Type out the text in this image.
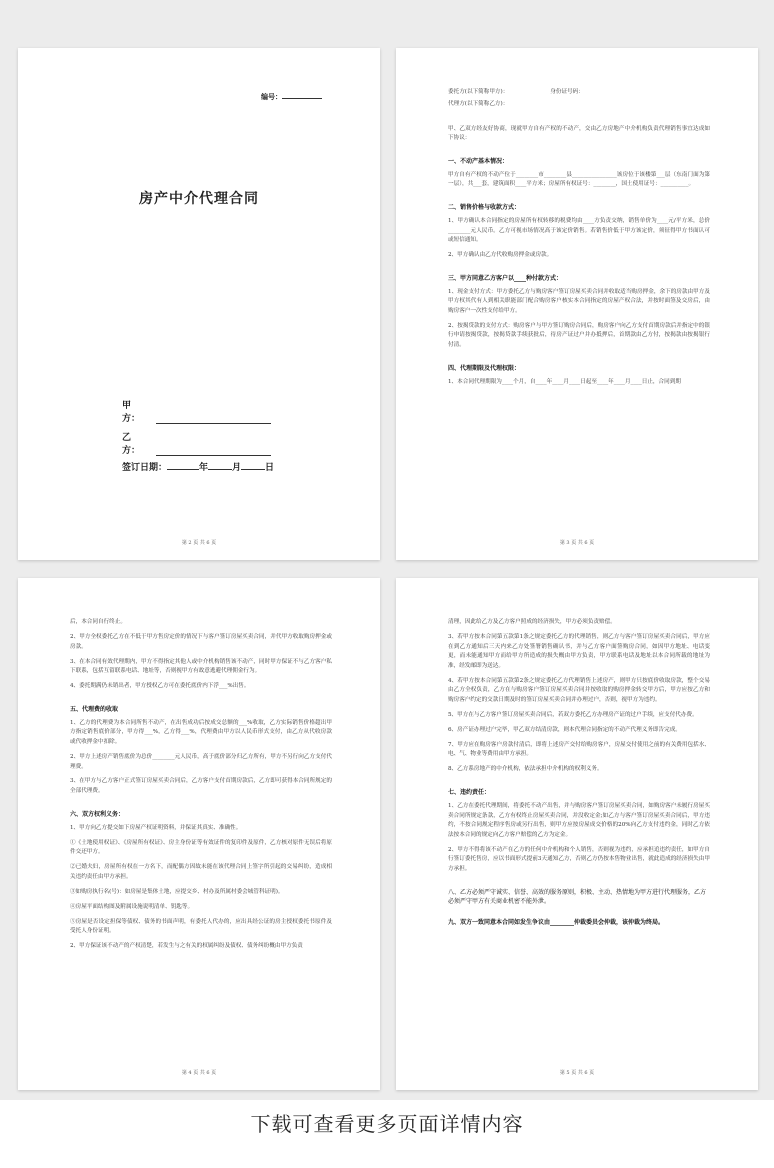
编号：
房产中介代理合同
甲　方：
乙　方：
签订日期：	年	月	日
第 2 页 共 6 页

委托方(以下简称甲方)：　　　　　　　　身份证号码：

代理方(以下简称乙方)：

甲、乙双方经友好协商，现就甲方自有产权的不动产，交由乙方房地产中介机构负责代理销售事宜达成如下协议：

一、不动产基本情况：

甲方自有产权的不动产位于________市________县________________该房位于该楼第___层（东南门面为第一层），共___套，建筑面积____平方米；房屋所有权证号：________，国土使用证号：__________。

二、销售价格与收款方式：

1、甲方确认本合同指定的房屋所有权转移的税费均由____方负责交纳，销售单价为____元/平方米，总价________元人民币。乙方可视市场情况高于该定价销售。若销售价低于甲方该定价，须征得甲方书面认可或短信通知。

2、甲方确认由乙方代收购房押金或房款。

三、甲方同意乙方客户以____种付款方式：

1、现金支付方式：甲方委托乙方与购房客户签订房屋买卖合同并收取适当购房押金，余下的房款由甲方及甲方权其代有人到相关职能部门配合购房客户核实本合同指定的房屋产权合法，并按时面签及交房后，由购房客户一次性支付给甲方。

2、按揭贷款的支付方式：购房客户与甲方签订购房合同后，购房客户向乙方支付首期房款后并指定中的银行申请按揭贷款，按揭贷款手续获批后，待房产证过户并办抵押后，首期款由乙方付，按揭款由按揭银行付清。

四、代理期限及代理权限：

1、本合同代理期限为____个月，自____年____月____日起至____年____月____日止，合同到期

第 3 页 共 6 页

后，本合同自行终止。

2、甲方全权委托乙方在不低于甲方售房定价的情况下与客户签订房屋买卖合同，并代甲方收取购房押金或房款。

3、在本合同有效代理期内，甲方不得指定其他人或中介机构销售该不动产，同时甲方保证不与乙方客户私下联系，包括互留联系电话、地址等，否则视甲方有故意逃避代理佣金行为。

4、委托期满仍未销出者，甲方授权乙方可在委托底价内下浮___%出售。

五、代理费的收取

1、乙方的代理费为本合同所售不动产，在出售成功后按成交总额的___%收取，乙方实际销售价格超出甲方指定销售底价部分，甲方得___%，乙方得___%，代理费由甲方以人民币形式支付，由乙方从代收房款或代收押金中扣除。

2、甲方上述房产销售底价为总价________元人民币，高于底价部分归乙方所有，甲方不另行向乙方支付代理费。

3、在甲方与乙方客户正式签订房屋买卖合同后，乙方客户支付首期房款后，乙方即可获得本合同所规定的全部代理费。

六、双方权利义务：

1、甲方向乙方提交如下房屋产权证明资料，并保证其真实、准确性。

①《土地使用权证》、《房屋所有权证》、房主身份证等有效证件的复印件及原件，乙方核对原件无误后将原件交还甲方。

②已婚夫妇，房屋所有权在一方名下，而配偶方因故未能在该代理合同上签字所引起的交易纠纷，造成相关违约责任由甲方承担。

③如购房执行名(号)：如房屋是集体土地，应提交乡、村办及所属村委会城管科证明)。

④房屋平面结构图及附属设施说明清单、钥匙等。

⑤房屋是否设定担保等债权、债务的书面声明，有委托人代办的，应出具经公证的房主授权委托书原件及受托人身份证明。

2、甲方保证该不动产的产权清楚，若发生与之有关的权属纠纷及债权、债务纠纷概由甲方负责

第 4 页 共 6 页

清理，因此给乙方及乙方客户照成的经济损失，甲方必须负责赔偿。

3、若甲方按本合同第五款第1条之规定委托乙方的代理销售，则乙方与客户签订房屋买卖合同后，甲方应在到乙方通知后三天内来乙方处签署销售确认书，并与乙方客户面签购房合同，如因甲方地址、电话变更，而未能通知甲方而给甲方所造成的损失概由甲方负责，甲方联系电话及地址以本合同所载的地址为准，经发邮即为送达。

4、若甲方按本合同第五款第2条之规定委托乙方代理销售上述房产，则甲方只按底价收取房款，整个交易由乙方全权负责，乙方在与购房客户签订房屋买卖合同并按收取的购房押金转交甲方后，甲方应按乙方和购房客户约定的交款日期及时的签订房屋买卖合同并办理过户，否则，视甲方为违约。

5、甲方在与乙方客户签订房屋买卖合同后，若双方委托乙方办理房产证的过户手续，应支付代办费。

6、房产证办理过户完毕，甲乙双方结清房款，则本代理合同指定的不动产代理义务即告完成。

7、甲方应在购房客户房款付清后，即将上述房产交付给购房客户，房屋交付使用之前的有关费用包括水、电、气、物业等费用由甲方承担。

8、乙方系房地产的中介机构，依法承担中介机构的权利义务。

七、违约责任：

1、乙方在委托代理期间，将委托不动产出售，并与购房客户签订房屋买卖合同，如购房客户未履行房屋买卖合同所规定条款，乙方有权终止房屋买卖合同，并没收定金;如乙方与客户签订房屋买卖合同后，甲方违约，不按合同规定程序售房或另行出售，则甲方应按房屋成交价格的20%向乙方支付违约金，同时乙方依法按本合同的规定向乙方客户赔偿的乙方为定金。

2、甲方不得将该不动产在乙方的任何中介机构和个人销售，否则视为违约，应承担追违约责任，如甲方自行签订委托售房，应以书面形式提前3天通知乙方，否则乙方仍按本售物业出售，就此造成的经济损失由甲方承担。

八、乙方必须严守诚实、信誉、高效的服务原则，积极、主动、热情地为甲方进行代理服务，乙方必须严守甲方有关商业机密不能外泄。
九、双方一致同意本合同如发生争议由________仲裁委员会仲裁，该仲裁为终局。
第 5 页 共 6 页
下载可查看更多页面详情内容
